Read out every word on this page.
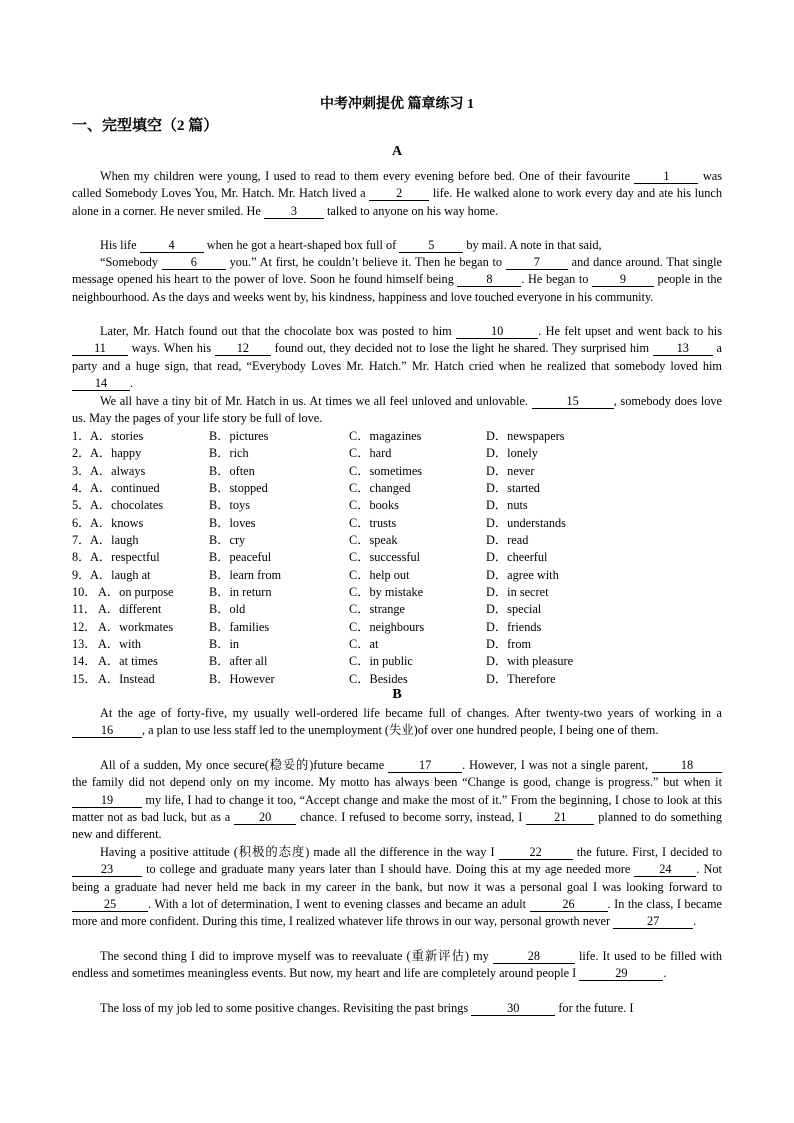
中考冲刺提优 篇章练习 1
一、完型填空（2 篇）
A
When my children were young, I used to read to them every evening before bed. One of their favourite 1 was called Somebody Loves You, Mr. Hatch. Mr. Hatch lived a 2 life. He walked alone to work every day and ate his lunch alone in a corner. He never smiled. He 3 talked to anyone on his way home.
His life 4 when he got a heart-shaped box full of 5 by mail. A note in that said,
“Somebody 6 you.” At first, he couldn’t believe it. Then he began to 7 and dance around. That single message opened his heart to the power of love. Soon he found himself being 8 . He began to 9 people in the neighbourhood. As the days and weeks went by, his kindness, happiness and love touched everyone in his community.
Later, Mr. Hatch found out that the chocolate box was posted to him	10	. He felt upset and went back to his 11 ways. When his 12 found out, they decided not to lose the light he shared. They surprised him 13 a party and a huge sign, that read, “Everybody Loves Mr. Hatch.” Mr. Hatch cried when he realized that somebody loved him 14 .
We all have a tiny bit of Mr. Hatch in us. At times we all feel unloved and unlovable.	15	, somebody does love us. May the pages of your life story be full of love.
1． A．stories	B．pictures	C．magazines	D．newspapers
2． A．happy	B．rich	C．hard	D．lonely
3． A．always	B．often	C．sometimes	D．never
4． A．continued	B．stopped	C．changed	D．started
5． A．chocolates	B．toys	C．books	D．nuts
6． A．knows	B．loves	C．trusts	D．understands
7． A．laugh	B．cry	C．speak	D．read
8． A．respectful	B．peaceful	C．successful	D．cheerful
9． A．laugh at	B．learn from	C．help out	D．agree with
10． A．on purpose	B．in return	C．by mistake	D．in secret
11． A．different	B．old	C．strange	D．special
12． A．workmates	B．families	C．neighbours	D．friends
13． A．with	B．in	C．at	D．from
14． A．at times	B．after all	C．in public	D．with pleasure
15． A．Instead	B．However	C．Besides	D．Therefore
B
At the age of forty-five, my usually well-ordered life became full of changes. After twenty-two years of working in a 16 , a plan to use less staff led to the unemployment (失业)of over one hundred people, I being one of them.
All of a sudden, My once secure(稳妥的)future became	17	. However, I was not a single parent, 18 the family did not depend only on my income. My motto has always been “Change is good, change is progress.” but when it 19 my life, I had to change it too, “Accept change and make the most of it.” From the beginning, I chose to look at this matter not as bad luck, but as a 20 chance. I refused to become sorry, instead, I 21 planned to do something new and different.
Having a positive attitude (积极的态度) made all the difference in the way I	22	the future. First, I decided to 23 to college and graduate many years later than I should have. Doing this at my age needed more 24 . Not being a graduate had never held me back in my career in the bank, but now it was a personal goal I was looking forward to 25	. With a lot of determination, I went to evening classes and became an adult	26	. In the class, I became more and more confident. During this time, I realized whatever life throws in our way, personal growth never	27	.
The second thing I did to improve myself was to reevaluate (重新评估) my	28	life. It used to be filled with endless and sometimes meaningless events. But now, my heart and life are completely around people I	29	.
The loss of my job led to some positive changes. Revisiting the past brings	30	for the future. I
